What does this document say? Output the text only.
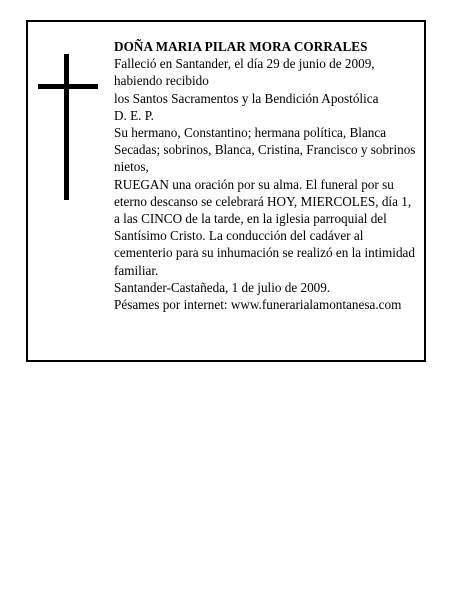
DOÑA MARIA PILAR MORA CORRALES

Falleció en Santander, el día 29 de junio de 2009, habiendo recibido

los Santos Sacramentos y la Bendición Apostólica

D. E. P.

Su hermano, Constantino; hermana política, Blanca Secadas; sobrinos, Blanca, Cristina, Francisco y sobrinos nietos,

RUEGAN una oración por su alma. El funeral por su eterno descanso se celebrará HOY, MIERCOLES, día 1, a las CINCO de la tarde, en la iglesia parroquial del Santísimo Cristo. La conducción del cadáver al cementerio para su inhumación se realizó en la intimidad familiar.

Santander-Castañeda, 1 de julio de 2009.

Pésames por internet: www.funerarialamontanesa.com
